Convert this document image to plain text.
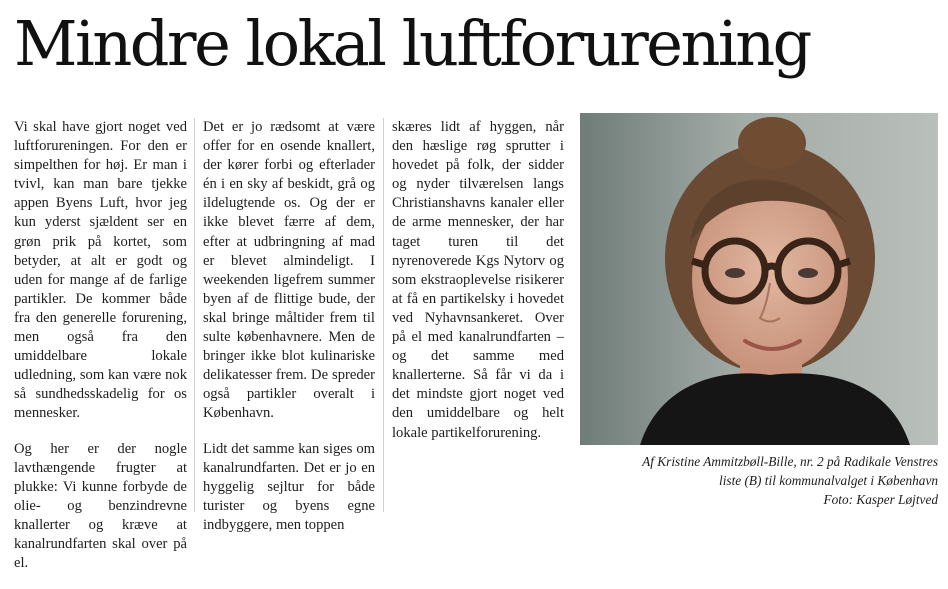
Mindre lokal luftforurening

Vi skal have gjort noget ved luftforureningen. For den er simpelthen for høj. Er man i tvivl, kan man bare tjekke appen Byens Luft, hvor jeg kun yderst sjældent ser en grøn prik på kortet, som betyder, at alt er godt og uden for mange af de farlige partikler. De kommer både fra den generelle forurening, men også fra den umiddelbare lokale udledning, som kan være nok så sundhedsskadelig for os mennesker.

Og her er der nogle lavthængende frugter at plukke: Vi kunne forbyde de olie- og benzindrevne knallerter og kræve at kanalrundfarten skal over på el.

Det er jo rædsomt at være offer for en osende knallert, der kører forbi og efterlader én i en sky af beskidt, grå og ildelugtende os. Og der er ikke blevet færre af dem, efter at udbringning af mad er blevet almindeligt. I weekenden ligefrem summer byen af de flittige bude, der skal bringe måltider frem til sulte københavnere. Men de bringer ikke blot kulinariske delikatesser frem. De spreder også partikler overalt i København.

Lidt det samme kan siges om kanalrundfarten. Det er jo en hyggelig sejltur for både turister og byens egne indbyggere, men toppen

skæres lidt af hyggen, når den hæslige røg sprutter i hovedet på folk, der sidder og nyder tilværelsen langs Christianshavns kanaler eller de arme mennesker, der har taget turen til det nyrenoverede Kgs Nytorv og som ekstraoplevelse risikerer at få en partikelsky i hovedet ved Nyhavnsankeret. Over på el med kanalrundfarten – og det samme med knallerterne. Så får vi da i det mindste gjort noget ved den umiddelbare og helt lokale partikelforurening.

Af Kristine Ammitzbøll-Bille, nr. 2 på Radikale Venstres
liste (B) til kommunalvalget i København
Foto: Kasper Løjtved
